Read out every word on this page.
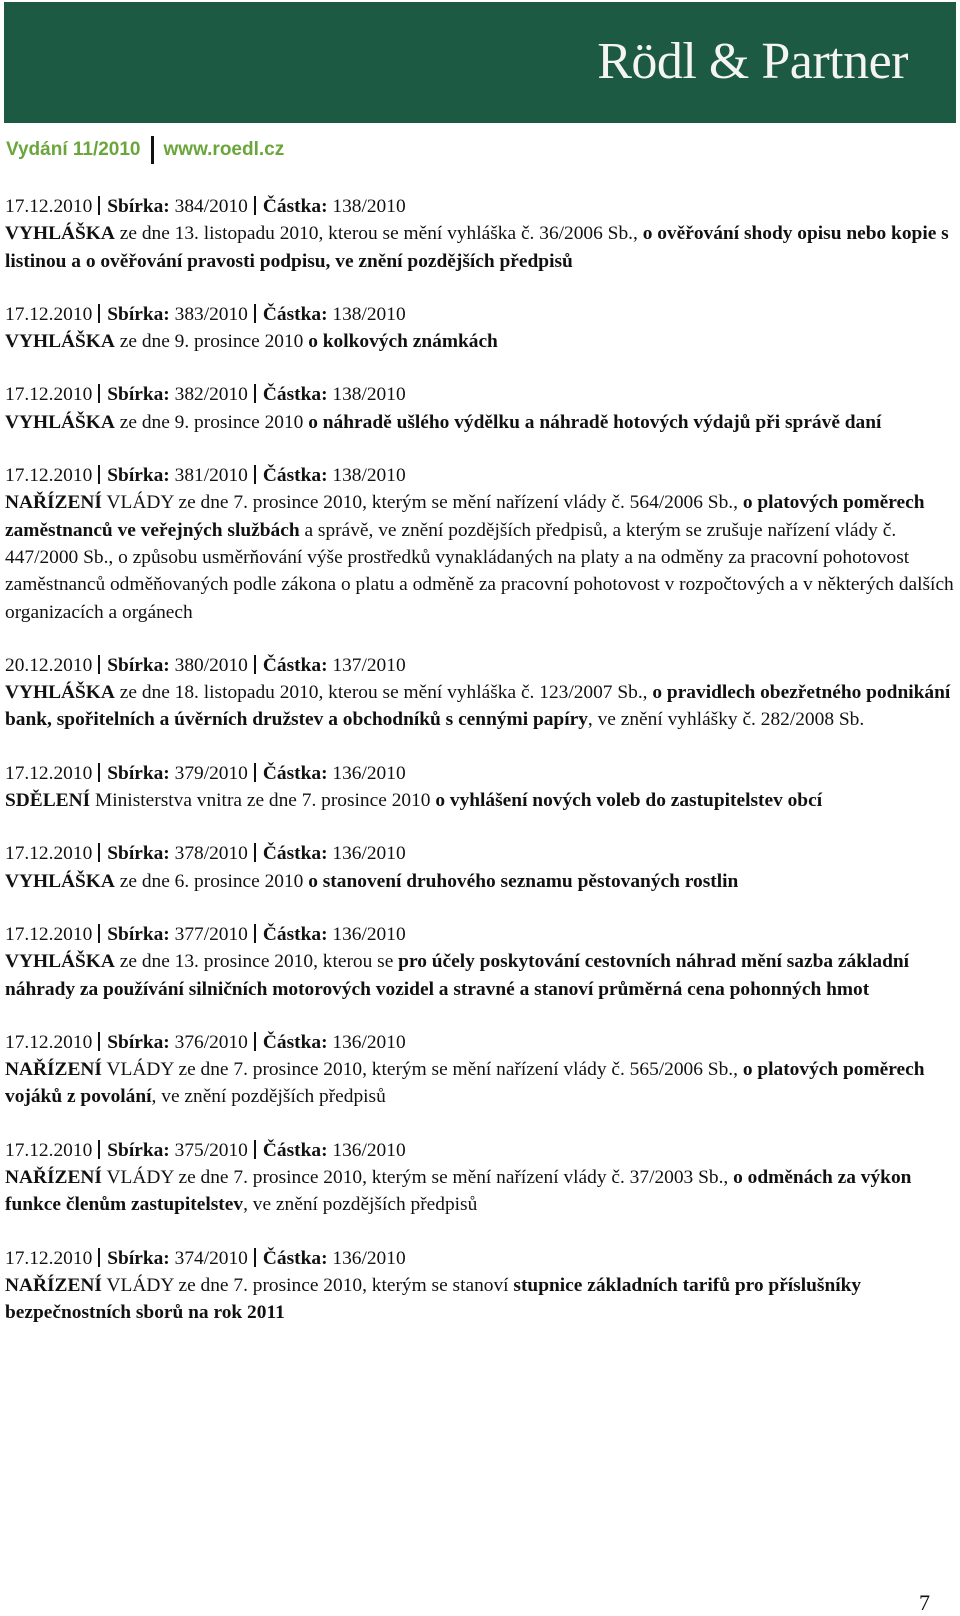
Rödl & Partner
Vydání 11/2010 www.roedl.cz
17.12.2010 Sbírka: 384/2010 Částka: 138/2010
VYHLÁŠKA ze dne 13. listopadu 2010, kterou se mění vyhláška č. 36/2006 Sb., o ověřování shody opisu nebo kopie s listinou a o ověřování pravosti podpisu, ve znění pozdějších předpisů
17.12.2010 Sbírka: 383/2010 Částka: 138/2010
VYHLÁŠKA ze dne 9. prosince 2010 o kolkových známkách
17.12.2010 Sbírka: 382/2010 Částka: 138/2010
VYHLÁŠKA ze dne 9. prosince 2010 o náhradě ušlého výdělku a náhradě hotových výdajů při správě daní
17.12.2010 Sbírka: 381/2010 Částka: 138/2010
NAŘÍZENÍ VLÁDY ze dne 7. prosince 2010, kterým se mění nařízení vlády č. 564/2006 Sb., o platových poměrech zaměstnanců ve veřejných službách a správě, ve znění pozdějších předpisů, a kterým se zrušuje nařízení vlády č. 447/2000 Sb., o způsobu usměrňování výše prostředků vynakládaných na platy a na odměny za pracovní pohotovost zaměstnanců odměňovaných podle zákona o platu a odměně za pracovní pohotovost v rozpočtových a v některých dalších organizacích a orgánech
20.12.2010 Sbírka: 380/2010 Částka: 137/2010
VYHLÁŠKA ze dne 18. listopadu 2010, kterou se mění vyhláška č. 123/2007 Sb., o pravidlech obezřetného podnikání bank, spořitelních a úvěrních družstev a obchodníků s cennými papíry, ve znění vyhlášky č. 282/2008 Sb.
17.12.2010 Sbírka: 379/2010 Částka: 136/2010
SDĚLENÍ Ministerstva vnitra ze dne 7. prosince 2010 o vyhlášení nových voleb do zastupitelstev obcí
17.12.2010 Sbírka: 378/2010 Částka: 136/2010
VYHLÁŠKA ze dne 6. prosince 2010 o stanovení druhového seznamu pěstovaných rostlin
17.12.2010 Sbírka: 377/2010 Částka: 136/2010
VYHLÁŠKA ze dne 13. prosince 2010, kterou se pro účely poskytování cestovních náhrad mění sazba základní náhrady za používání silničních motorových vozidel a stravné a stanoví průměrná cena pohonných hmot
17.12.2010 Sbírka: 376/2010 Částka: 136/2010
NAŘÍZENÍ VLÁDY ze dne 7. prosince 2010, kterým se mění nařízení vlády č. 565/2006 Sb., o platových poměrech vojáků z povolání, ve znění pozdějších předpisů
17.12.2010 Sbírka: 375/2010 Částka: 136/2010
NAŘÍZENÍ VLÁDY ze dne 7. prosince 2010, kterým se mění nařízení vlády č. 37/2003 Sb., o odměnách za výkon funkce členům zastupitelstev, ve znění pozdějších předpisů
17.12.2010 Sbírka: 374/2010 Částka: 136/2010
NAŘÍZENÍ VLÁDY ze dne 7. prosince 2010, kterým se stanoví stupnice základních tarifů pro příslušníky bezpečnostních sborů na rok 2011
7
